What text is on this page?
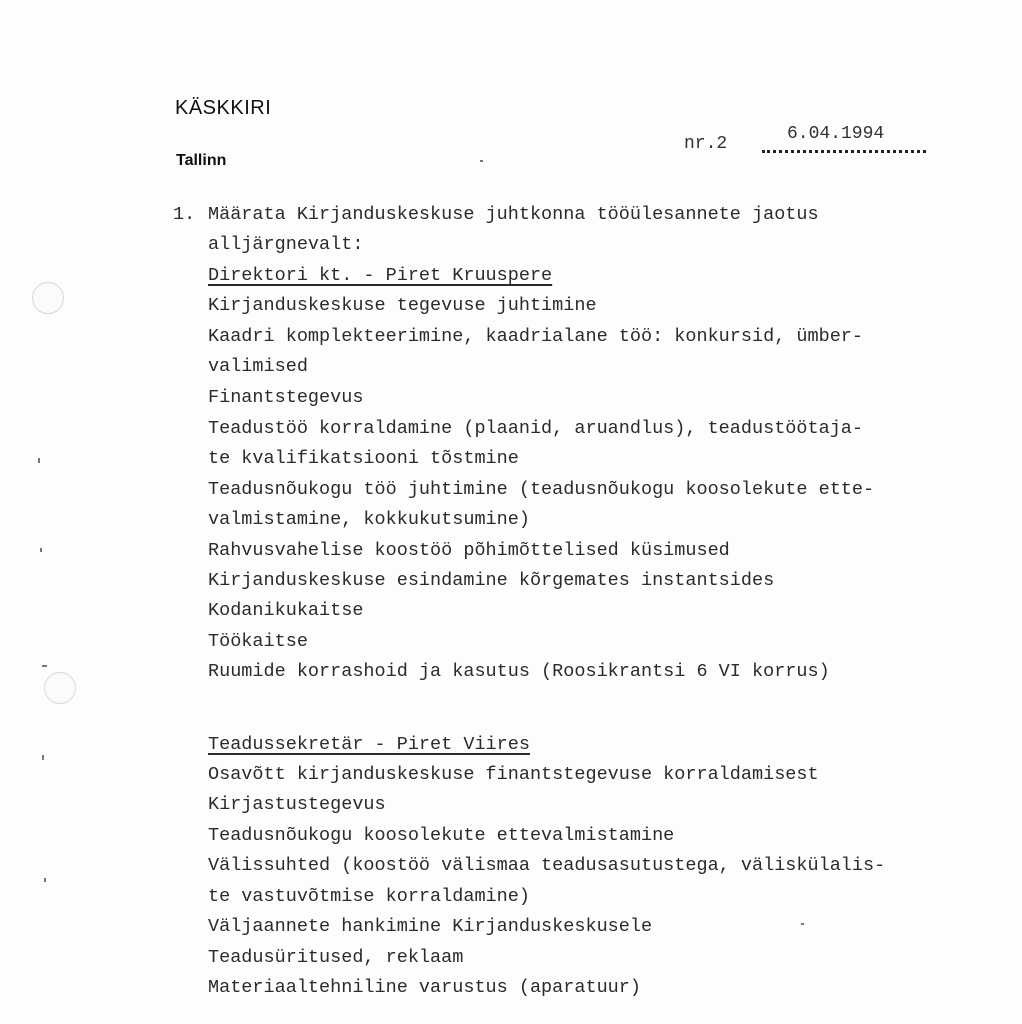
KÄSKKIRI
Tallinn
nr.2	6.04.1994
1. Määrata Kirjanduskeskuse juhtkonna tööülesannete jaotus
alljärgnevalt:
Direktori kt. - Piret Kruuspere
Kirjanduskeskuse tegevuse juhtimine
Kaadri komplekteerimine, kaadrialane töö: konkursid, ümber-
valimised
Finantstegevus
Teadustöö korraldamine (plaanid, aruandlus), teadustöötaja-
te kvalifikatsiooni tõstmine
Teadusnõukogu töö juhtimine (teadusnõukogu koosolekute ette-
valmistamine, kokkukutsumine)
Rahvusvahelise koostöö põhimõttelised küsimused
Kirjanduskeskuse esindamine kõrgemates instantsides
Kodanikukaitse
Töökaitse
Ruumide korrashoid ja kasutus (Roosikrantsi 6 VI korrus)
Teadussekretär - Piret Viires
Osavõtt kirjanduskeskuse finantstegevuse korraldamisest
Kirjastustegevus
Teadusnõukogu koosolekute ettevalmistamine
Välissuhted (koostöö välismaa teadusasutustega, väliskülalis-
te vastuvõtmise korraldamine)
Väljaannete hankimine Kirjanduskeskusele
Teadusüritused, reklaam
Materiaaltehniline varustus (aparatuur)
